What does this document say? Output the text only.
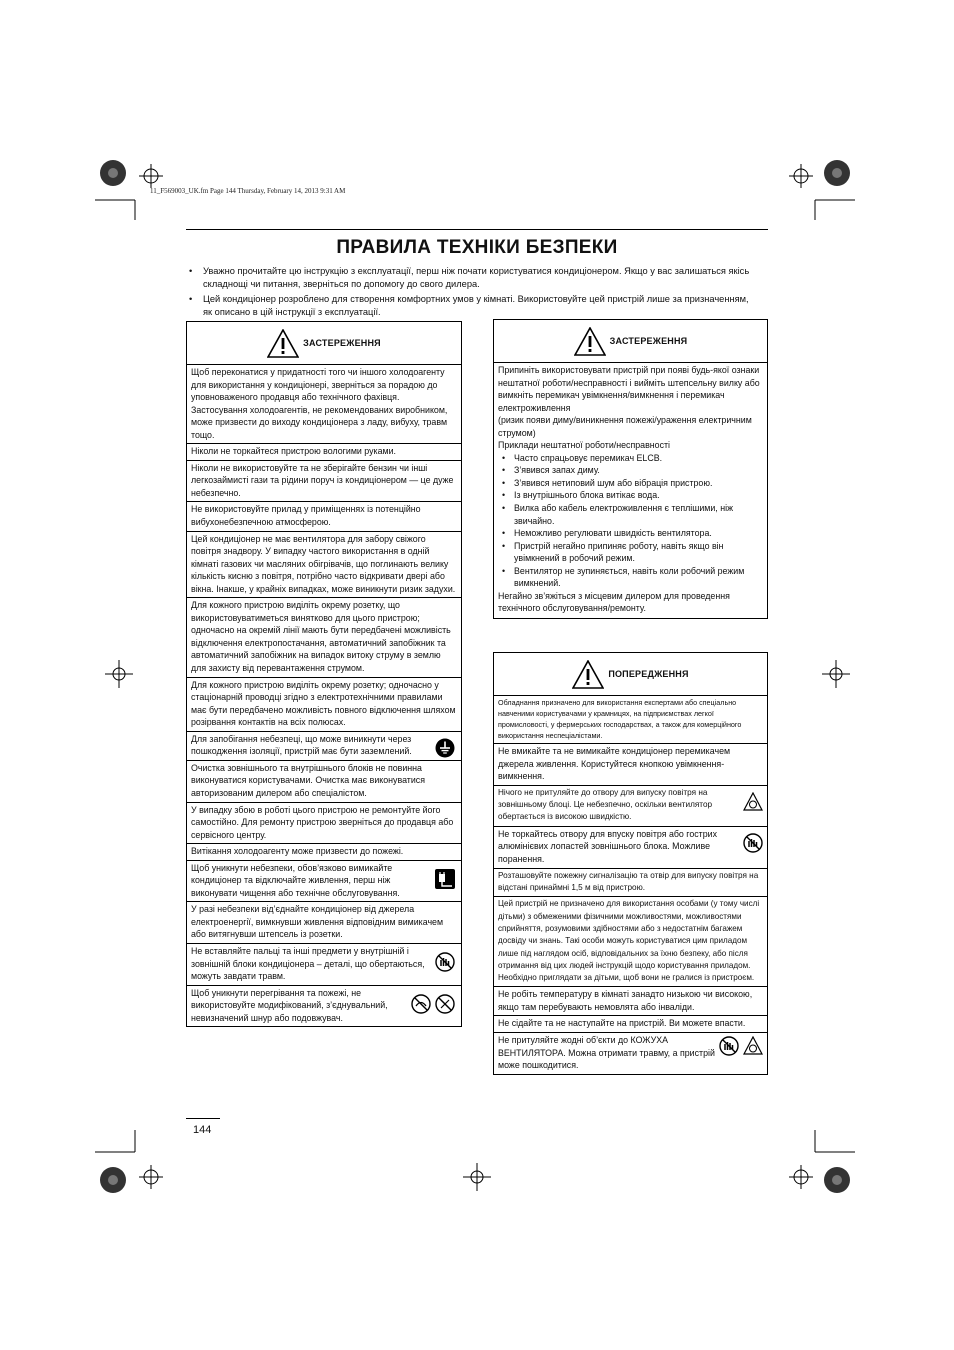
11_F569003_UK.fm Page 144 Thursday, February 14, 2013 9:31 AM
ПРАВИЛА ТЕХНІКИ БЕЗПЕКИ
• Уважно прочитайте цю інструкцію з експлуатації, перш ніж почати користуватися кондиціонером. Якщо у вас залишаться якісь складнощі чи питання, зверніться по допомогу до свого дилера.
• Цей кондиціонер розроблено для створення комфортних умов у кімнаті. Використовуйте цей пристрій лише за призначенням, як описано в цій інструкції з експлуатації.
ЗАСТЕРЕЖЕННЯ
Щоб переконатися у придатності того чи іншого холодоагенту для використання у кондиціонері, зверніться за порадою до уповноваженого продавця або технічного фахівця. Застосування холодоагентів, не рекомендованих виробником, може призвести до виходу кондиціонера з ладу, вибуху, травм тощо.
Ніколи не торкайтеся пристрою вологими руками.
Ніколи не використовуйте та не зберігайте бензин чи інші легкозаймисті гази та рідини поруч із кондиціонером — це дуже небезпечно.
Не використовуйте прилад у приміщеннях із потенційно вибухонебезпечною атмосферою.
Цей кондиціонер не має вентилятора для забору свіжого повітря знадвору. У випадку частого використання в одній кімнаті газових чи масляних обігрівачів, що поглинають велику кількість кисню з повітря, потрібно часто відкривати двері або вікна. Інакше, у крайніх випадках, може виникнути ризик задухи.
Для кожного пристрою виділіть окрему розетку, що використовуватиметься винятково для цього пристрою; одночасно на окремій лінії мають бути передбачені можливість відключення електропостачання, автоматичний запобіжник та автоматичний запобіжник на випадок витоку струму в землю для захисту від перевантаження струмом.
Для кожного пристрою виділіть окрему розетку; одночасно у стаціонарній проводці згідно з електротехнічними правилами має бути передбачено можливість повного відключення шляхом розірвання контактів на всіх полюсах.
Для запобігання небезпеці, що може виникнути через пошкодження ізоляції, пристрій має бути заземлений.
Очистка зовнішнього та внутрішнього блоків не повинна виконуватися користувачами. Очистка має виконуватися авторизованим дилером або спеціалістом.
У випадку збою в роботі цього пристрою не ремонтуйте його самостійно. Для ремонту пристрою зверніться до продавця або сервісного центру.
Витікання холодоагенту може призвести до пожежі.
Щоб уникнути небезпеки, обов’язково вимикайте кондиціонер та відключайте живлення, перш ніж виконувати чищення або технічне обслуговування.
У разі небезпеки від’єднайте кондиціонер від джерела електроенергії, вимкнувши живлення відповідним вимикачем або витягнувши штепсель із розетки.
Не вставляйте пальці та інші предмети у внутрішній і зовнішній блоки кондиціонера – деталі, що обертаються, можуть завдати травм.
Щоб уникнути перегрівання та пожежі, не використовуйте модифікований, з’єднувальний, невизначений шнур або подовжувач.
ЗАСТЕРЕЖЕННЯ
Припиніть використовувати пристрій при появі будь-якої ознаки нештатної роботи/несправності і вийміть штепсельну вилку або вимкніть перемикач увімкнення/вимкнення і перемикач електроживлення
(ризик появи диму/виникнення пожежі/ураження електричним струмом)
Приклади нештатної роботи/несправності
• Часто спрацьовує перемикач ELCB.
• З’явився запах диму.
• З’явився нетиповий шум або вібрація пристрою.
• Із внутрішнього блока витікає вода.
• Вилка або кабель електроживлення є теплішими, ніж звичайно.
• Неможливо регулювати швидкість вентилятора.
• Пристрій негайно припиняє роботу, навіть якщо він увімкнений в робочий режим.
• Вентилятор не зупиняється, навіть коли робочий режим вимкнений.
Негайно зв’яжіться з місцевим дилером для проведення технічного обслуговування/ремонту.
ПОПЕРЕДЖЕННЯ
Обладнання призначено для використання експертами або спеціально навченими користувачами у крамницях, на підприємствах легкої промисловості, у фермерських господарствах, а також для комерційного використання неспеціалістами.
Не вмикайте та не вимикайте кондиціонер перемикачем джерела живлення. Користуйтеся кнопкою увімкнення-вимкнення.
Нічого не притуляйте до отвору для випуску повітря на зовнішньому блоці. Це небезпечно, оскільки вентилятор обертається із високою швидкістю.
Не торкайтесь отвору для впуску повітря або гострих алюмінієвих лопастей зовнішнього блока. Можливе поранення.
Розташовуйте пожежну сигналізацію та отвір для випуску повітря на відстані принаймні 1,5 м від пристрою.
Цей пристрій не призначено для використання особами (у тому числі дітьми) з обмеженими фізичними можливостями, можливостями сприйняття, розумовими здібностями або з недостатнім багажем досвіду чи знань. Такі особи можуть користуватися цим приладом лише під наглядом осіб, відповідальних за їхню безпеку, або після отримання від цих людей інструкцій щодо користування приладом. Необхідно приглядати за дітьми, щоб вони не гралися із пристроєм.
Не робіть температуру в кімнаті занадто низькою чи високою, якщо там перебувають немовлята або інваліди.
Не сідайте та не наступайте на пристрій. Ви можете впасти.
Не притуляйте жодні об’єкти до КОЖУХА ВЕНТИЛЯТОРА. Можна отримати травму, а пристрій може пошкодитися.
144
